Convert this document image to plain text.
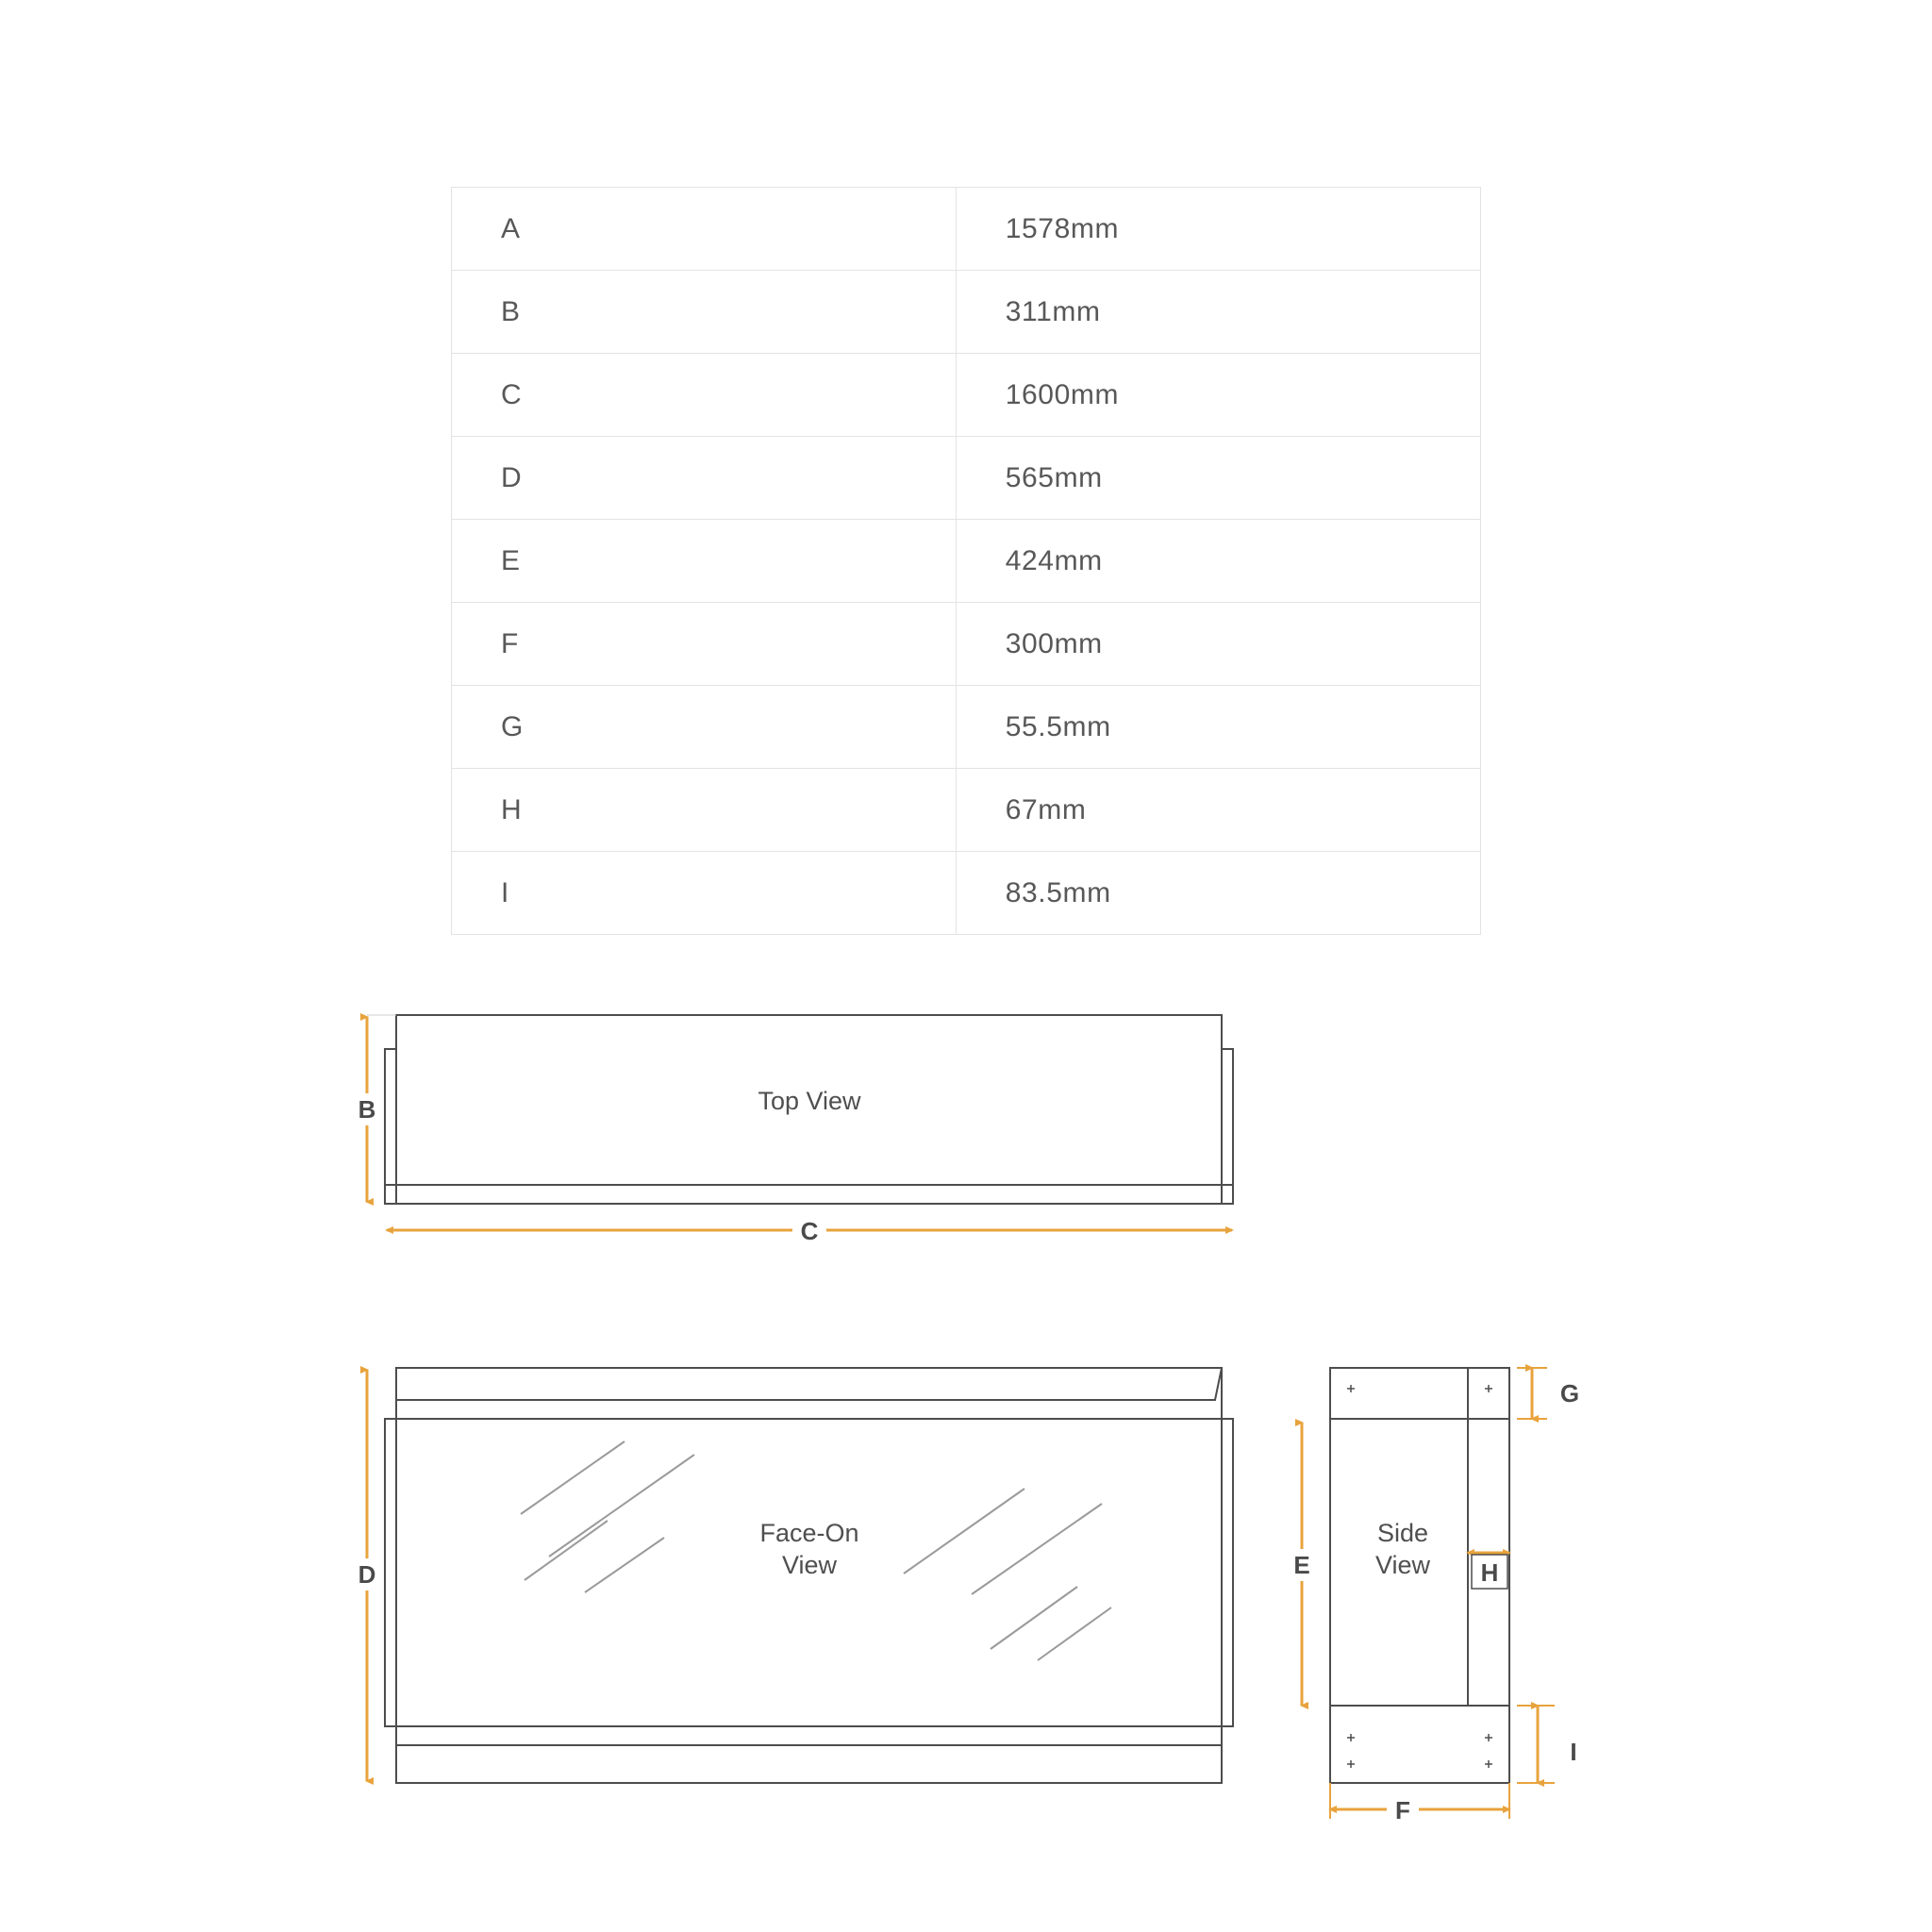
A	1578mm
B	311mm
C	1600mm
D	565mm
E	424mm
F	300mm
G	55.5mm
H	67mm
I	83.5mm
Top View
B
C
Face-On
View
D
Side
View
E
G
H
I
F
